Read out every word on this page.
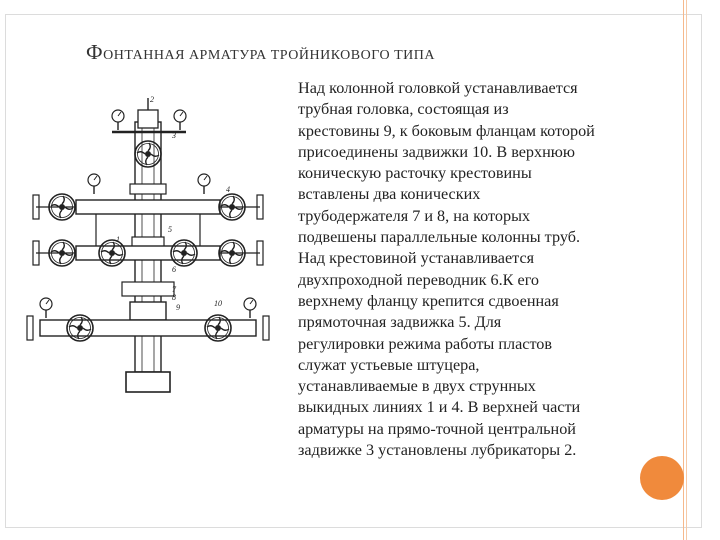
ФОНТАННАЯ АРМАТУРА ТРОЙНИКОВОГО ТИПА
2
3
4
5
1
6
7
8
9	10

Над колонной головкой устанавливается

трубная головка, состоящая из

крестовины 9, к боковым фланцам которой

присоединены задвижки 10. В верхнюю

коническую расточку крестовины

вставлены два конических

трубодержателя 7 и 8, на которых

подвешены параллельные колонны труб.

Над крестовиной устанавливается

двухпроходной переводник 6.К его

верхнему фланцу крепится сдвоенная

прямоточная задвижка 5. Для

регулировки режима работы пластов

служат устьевые штуцера,

устанавливаемые в двух струнных

выкидных линиях 1 и 4. В верхней части

арматуры на прямо-точной центральной

задвижке 3 установлены лубрикаторы 2.
